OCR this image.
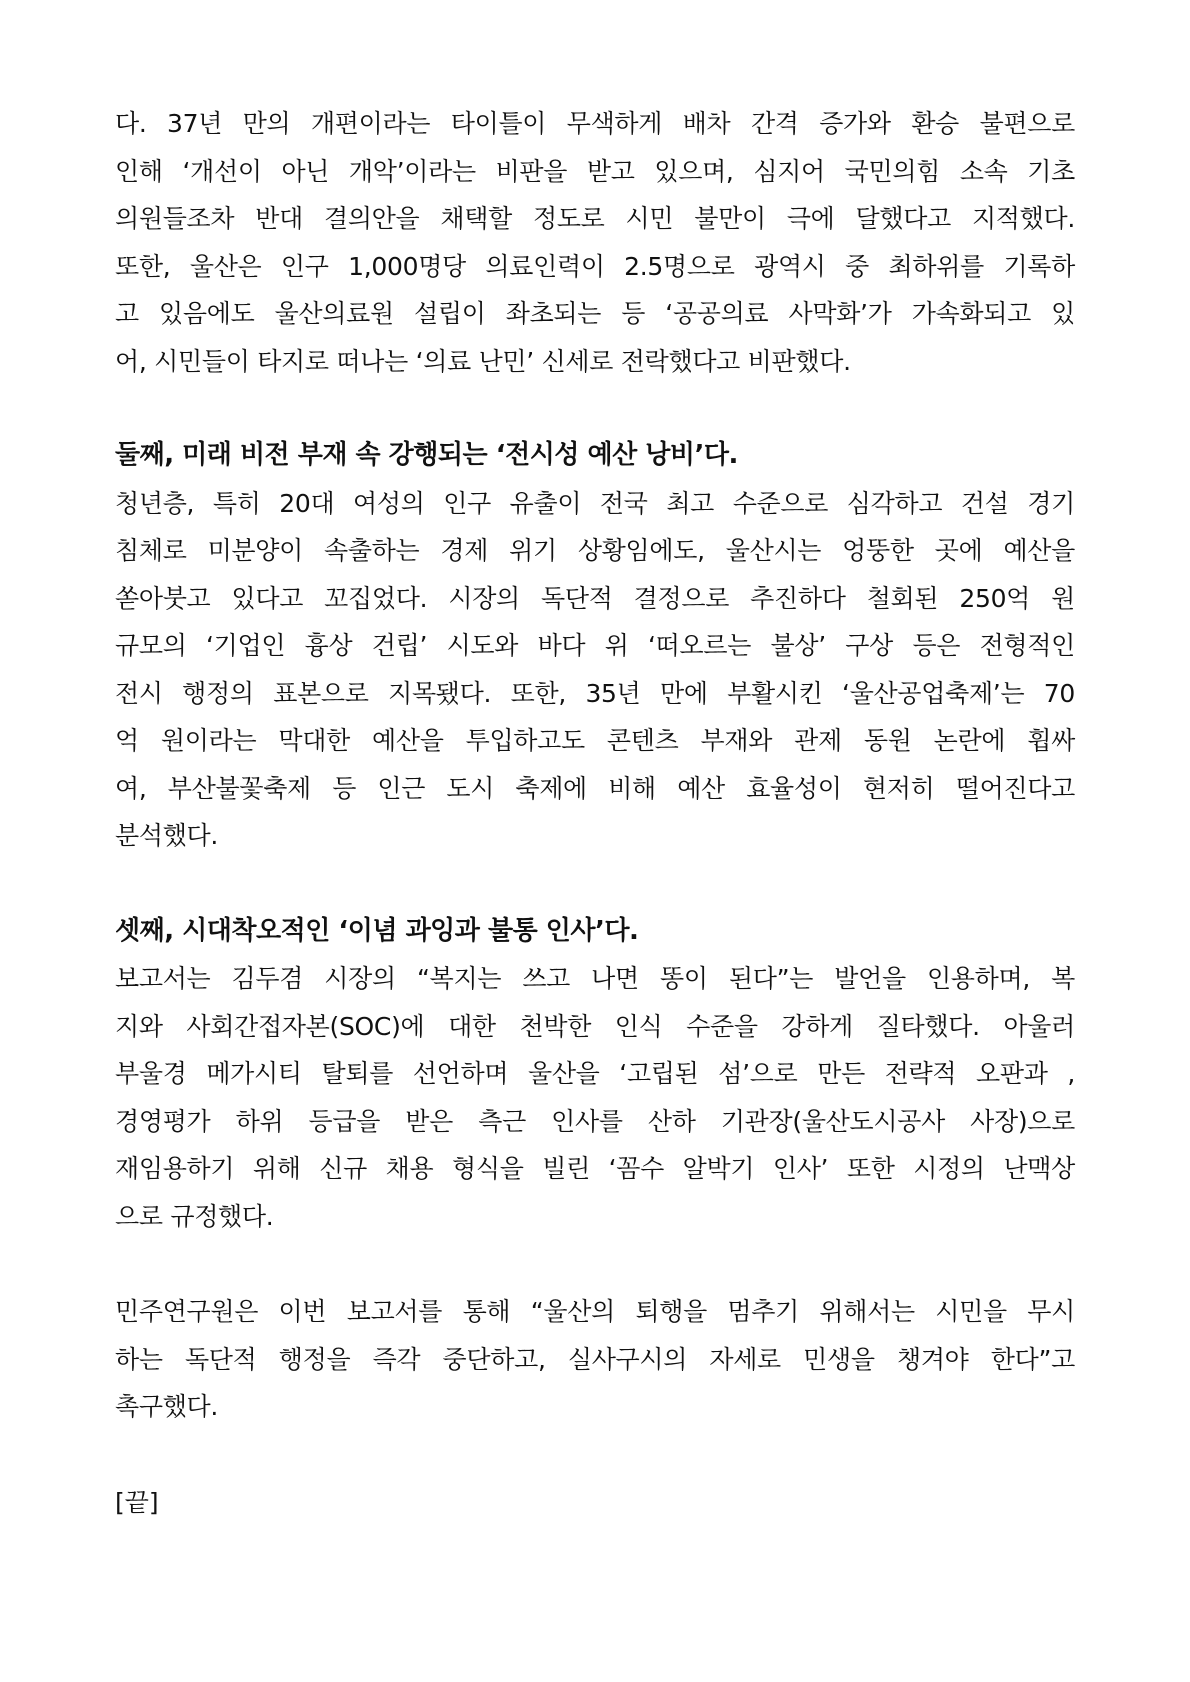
다. 37년 만의 개편이라는 타이틀이 무색하게 배차 간격 증가와 환승 불편으로
인해 ‘개선이 아닌 개악’이라는 비판을 받고 있으며, 심지어 국민의힘 소속 기초
의원들조차 반대 결의안을 채택할 정도로 시민 불만이 극에 달했다고 지적했다.
또한, 울산은 인구 1,000명당 의료인력이 2.5명으로 광역시 중 최하위를 기록하
고 있음에도 울산의료원 설립이 좌초되는 등 ‘공공의료 사막화’가 가속화되고 있
어, 시민들이 타지로 떠나는 ‘의료 난민’ 신세로 전락했다고 비판했다.

둘째, 미래 비전 부재 속 강행되는 ‘전시성 예산 낭비’다.

청년층, 특히 20대 여성의 인구 유출이 전국 최고 수준으로 심각하고 건설 경기
침체로 미분양이 속출하는 경제 위기 상황임에도, 울산시는 엉뚱한 곳에 예산을
쏟아붓고 있다고 꼬집었다. 시장의 독단적 결정으로 추진하다 철회된 250억 원
규모의 ‘기업인 흉상 건립’ 시도와 바다 위 ‘떠오르는 불상’ 구상 등은 전형적인
전시 행정의 표본으로 지목됐다. 또한, 35년 만에 부활시킨 ‘울산공업축제’는 70
억 원이라는 막대한 예산을 투입하고도 콘텐츠 부재와 관제 동원 논란에 휩싸
여, 부산불꽃축제 등 인근 도시 축제에 비해 예산 효율성이 현저히 떨어진다고
분석했다.

셋째, 시대착오적인 ‘이념 과잉과 불통 인사’다.

보고서는 김두겸 시장의 “복지는 쓰고 나면 똥이 된다”는 발언을 인용하며, 복
지와 사회간접자본(SOC)에 대한 천박한 인식 수준을 강하게 질타했다. 아울러
부울경 메가시티 탈퇴를 선언하며 울산을 ‘고립된 섬’으로 만든 전략적 오판과 ,
경영평가 하위 등급을 받은 측근 인사를 산하 기관장(울산도시공사 사장)으로
재임용하기 위해 신규 채용 형식을 빌린 ‘꼼수 알박기 인사’ 또한 시정의 난맥상
으로 규정했다.
민주연구원은 이번 보고서를 통해 “울산의 퇴행을 멈추기 위해서는 시민을 무시
하는 독단적 행정을 즉각 중단하고, 실사구시의 자세로 민생을 챙겨야 한다”고
촉구했다.

[끝]
